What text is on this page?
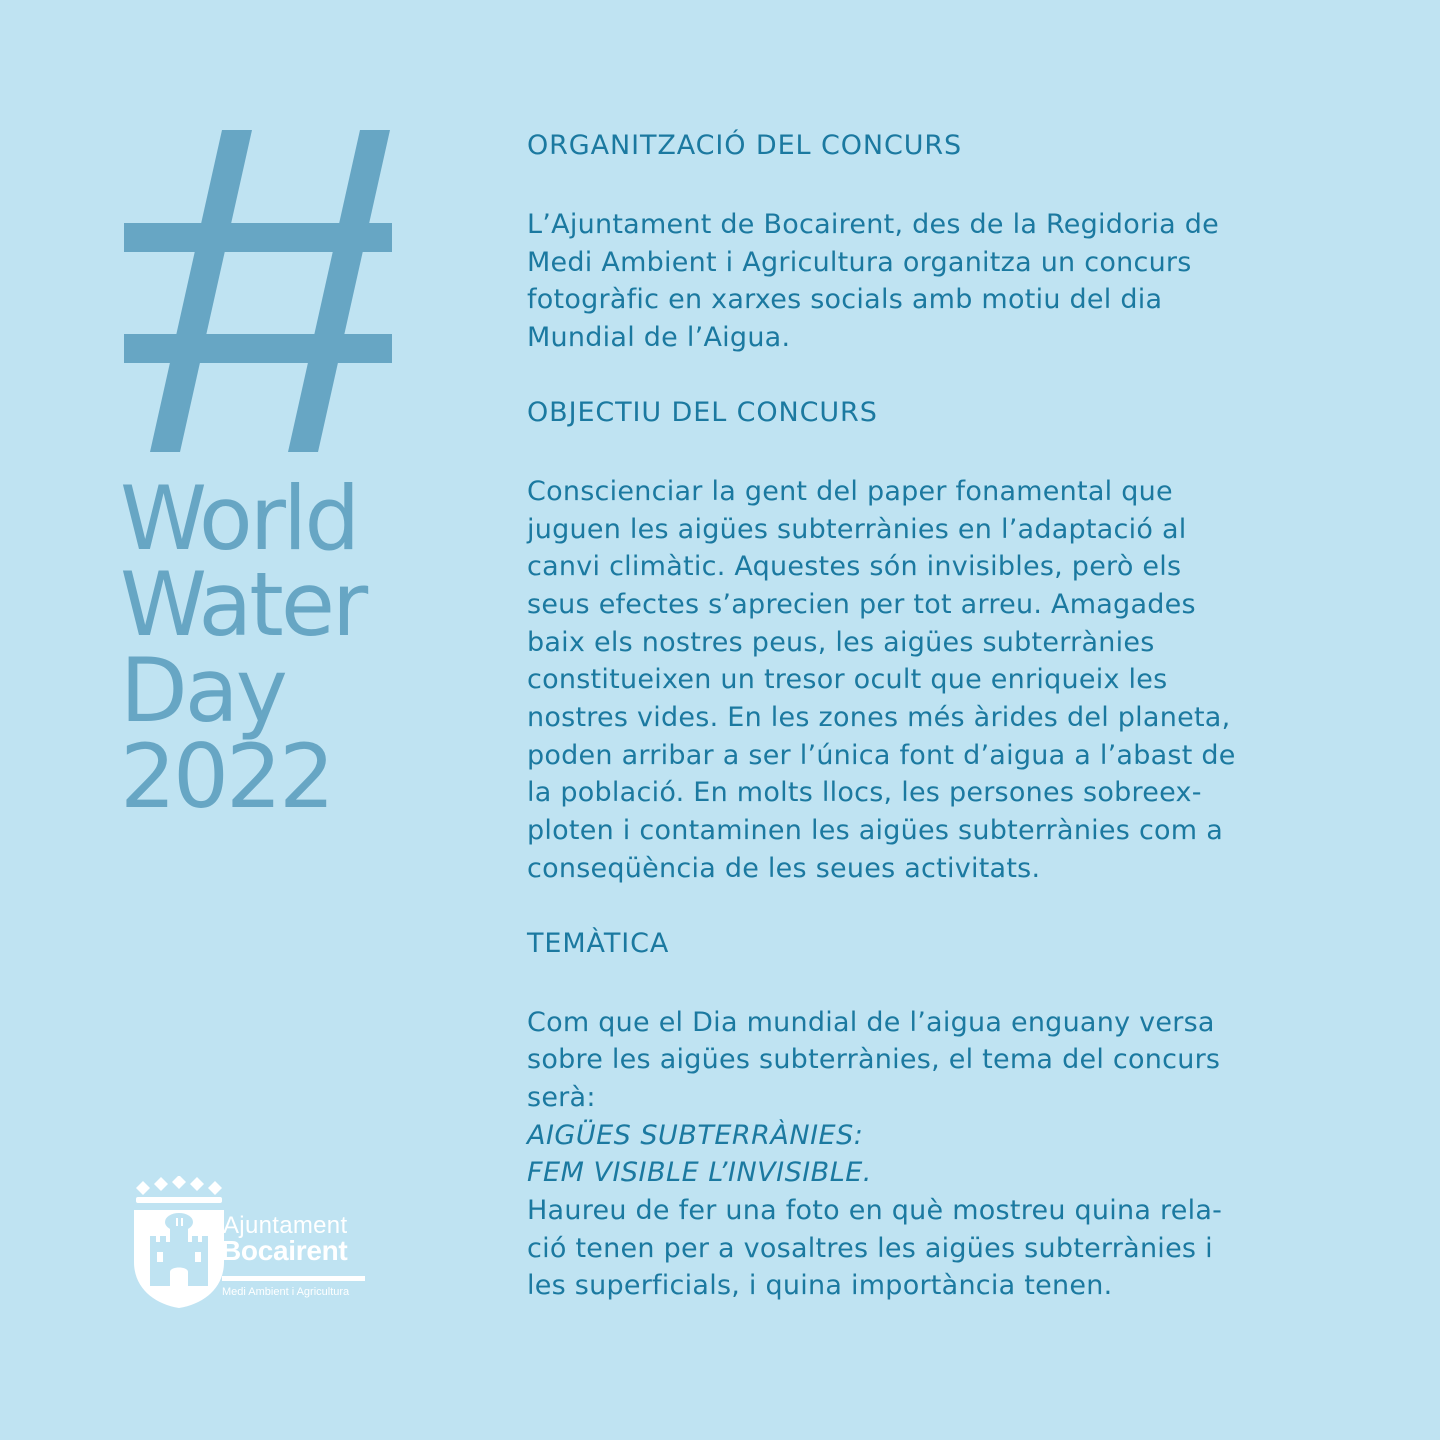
World
Water
Day
2022
ORGANITZACIÓ DEL CONCURS

L’Ajuntament de Bocairent, des de la Regidoria de

Medi Ambient i Agricultura organitza un concurs

fotogràfic en xarxes socials amb motiu del dia

Mundial de l’Aigua.

OBJECTIU DEL CONCURS

Conscienciar la gent del paper fonamental que

juguen les aigües subterrànies en l’adaptació al

canvi climàtic. Aquestes són invisibles, però els

seus efectes s’aprecien per tot arreu. Amagades

baix els nostres peus, les aigües subterrànies

constitueixen un tresor ocult que enriqueix les

nostres vides. En les zones més àrides del planeta,

poden arribar a ser l’única font d’aigua a l’abast de

la població. En molts llocs, les persones sobreex-

ploten i contaminen les aigües subterrànies com a

conseqüència de les seues activitats.

TEMÀTICA

Com que el Dia mundial de l’aigua enguany versa

sobre les aigües subterrànies, el tema del concurs

serà:

AIGÜES SUBTERRÀNIES:

FEM VISIBLE L’INVISIBLE.

Haureu de fer una foto en què mostreu quina rela-

ció tenen per a vosaltres les aigües subterrànies i

les superficials, i quina importància tenen.

Ajuntament
Bocairent
Medi Ambient i Agricultura
